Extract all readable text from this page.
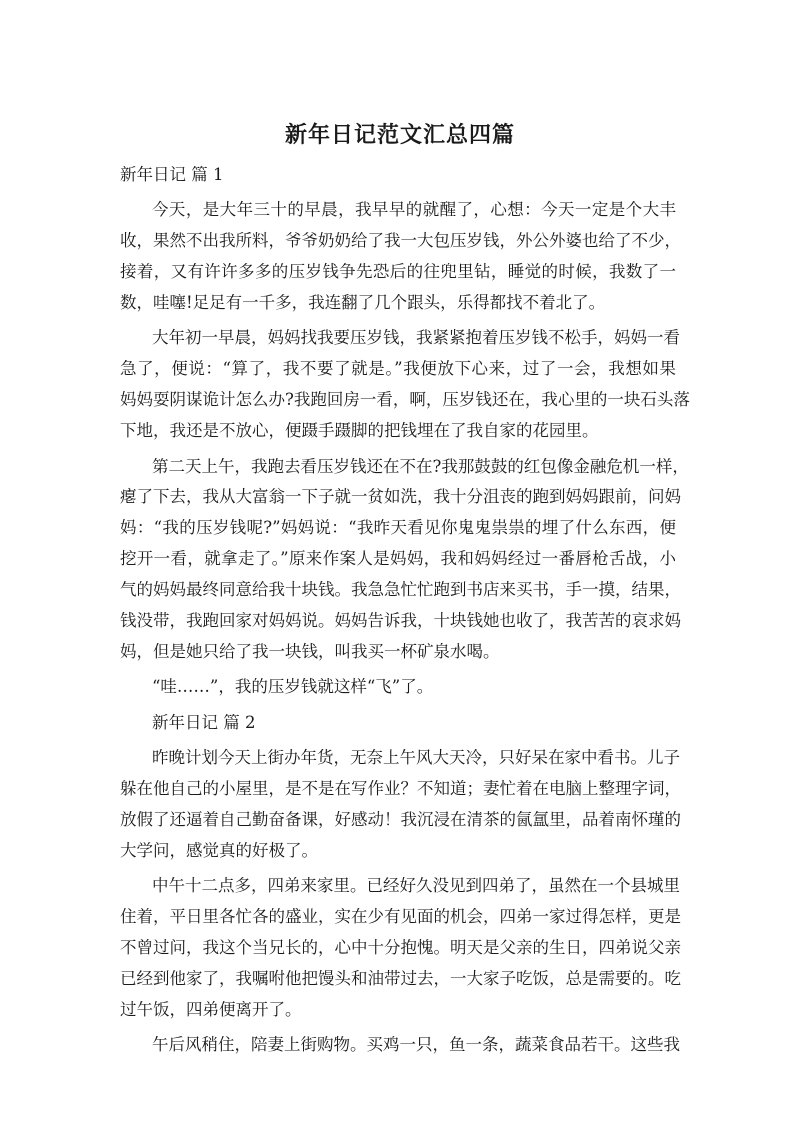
新年日记范文汇总四篇
新年日记 篇 1
今天，是大年三十的早晨，我早早的就醒了，心想：今天一定是个大丰
收，果然不出我所料，爷爷奶奶给了我一大包压岁钱，外公外婆也给了不少，
接着，又有许许多多的压岁钱争先恐后的往兜里钻，睡觉的时候，我数了一
数，哇噻!足足有一千多，我连翻了几个跟头，乐得都找不着北了。
大年初一早晨，妈妈找我要压岁钱，我紧紧抱着压岁钱不松手，妈妈一看
急了，便说：“算了，我不要了就是。”我便放下心来，过了一会，我想如果
妈妈耍阴谋诡计怎么办?我跑回房一看，啊，压岁钱还在，我心里的一块石头落
下地，我还是不放心，便蹑手蹑脚的把钱埋在了我自家的花园里。
第二天上午，我跑去看压岁钱还在不在?我那鼓鼓的红包像金融危机一样，
瘪了下去，我从大富翁一下子就一贫如洗，我十分沮丧的跑到妈妈跟前，问妈
妈：“我的压岁钱呢?”妈妈说：“我昨天看见你鬼鬼祟祟的埋了什么东西，便
挖开一看，就拿走了。”原来作案人是妈妈，我和妈妈经过一番唇枪舌战，小
气的妈妈最终同意给我十块钱。我急急忙忙跑到书店来买书，手一摸，结果，
钱没带，我跑回家对妈妈说。妈妈告诉我，十块钱她也收了，我苦苦的哀求妈
妈，但是她只给了我一块钱，叫我买一杯矿泉水喝。
“哇……”，我的压岁钱就这样“飞”了。
新年日记 篇 2
昨晚计划今天上街办年货，无奈上午风大天冷，只好呆在家中看书。儿子
躲在他自己的小屋里，是不是在写作业？不知道；妻忙着在电脑上整理字词，
放假了还逼着自己勤奋备课，好感动！我沉浸在清茶的氤氲里，品着南怀瑾的
大学问，感觉真的好极了。
中午十二点多，四弟来家里。已经好久没见到四弟了，虽然在一个县城里
住着，平日里各忙各的盛业，实在少有见面的机会，四弟一家过得怎样，更是
不曾过问，我这个当兄长的，心中十分抱愧。明天是父亲的生日，四弟说父亲
已经到他家了，我嘱咐他把馒头和油带过去，一大家子吃饭，总是需要的。吃
过午饭，四弟便离开了。
午后风稍住，陪妻上街购物。买鸡一只，鱼一条，蔬菜食品若干。这些我
